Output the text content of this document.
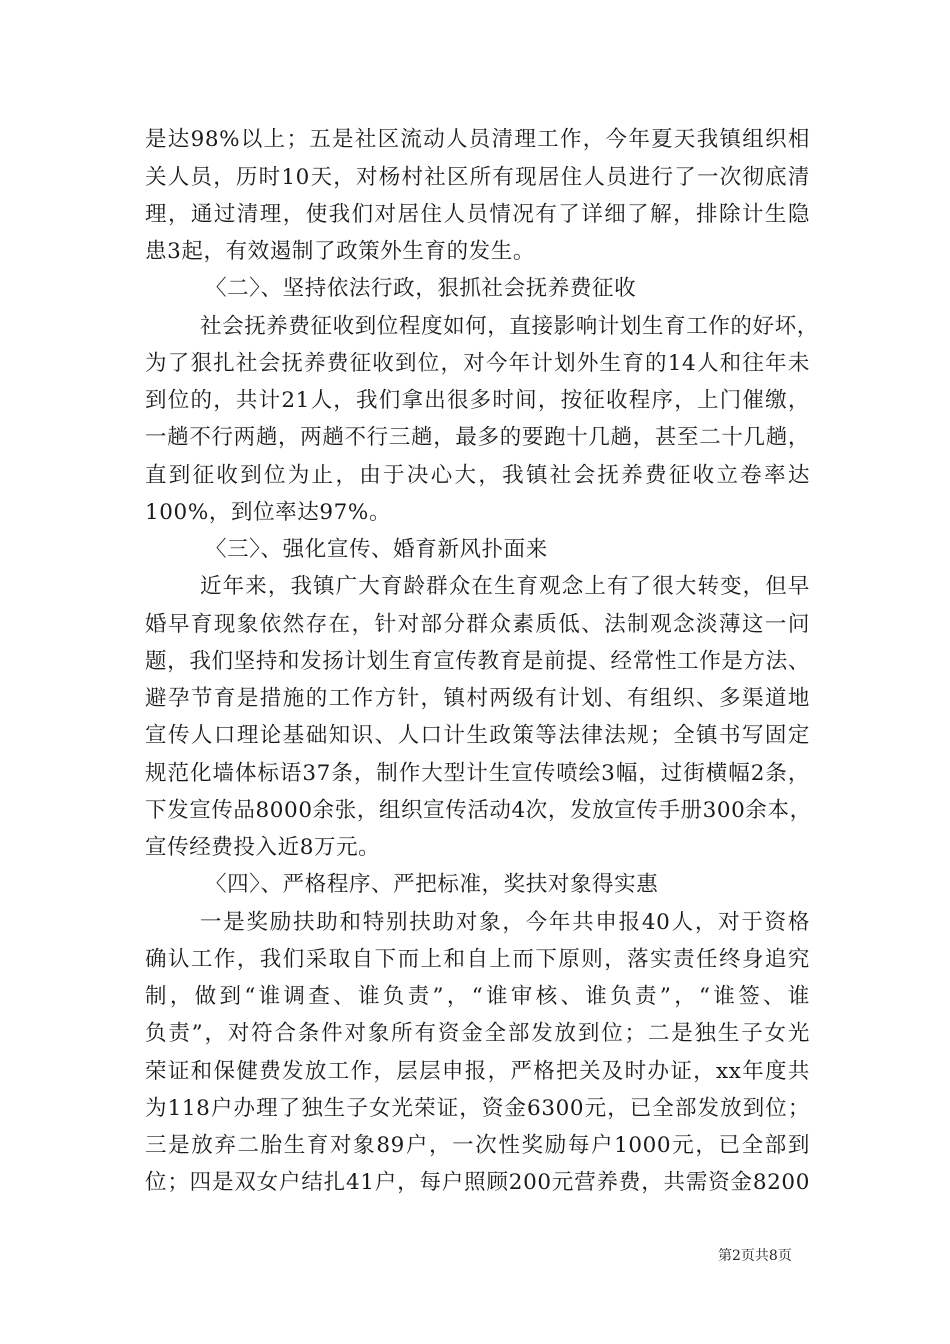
是达98%以上；五是社区流动人员清理工作，今年夏天我镇组织相
关人员，历时10天，对杨村社区所有现居住人员进行了一次彻底清
理，通过清理，使我们对居住人员情况有了详细了解，排除计生隐
患3起，有效遏制了政策外生育的发生。
〈二〉、坚持依法行政，狠抓社会抚养费征收
社会抚养费征收到位程度如何，直接影响计划生育工作的好坏，
为了狠扎社会抚养费征收到位，对今年计划外生育的14人和往年未
到位的，共计21人，我们拿出很多时间，按征收程序，上门催缴，
一趟不行两趟，两趟不行三趟，最多的要跑十几趟，甚至二十几趟，
直到征收到位为止，由于决心大，我镇社会抚养费征收立卷率达
100%，到位率达97%。
〈三〉、强化宣传、婚育新风扑面来
近年来，我镇广大育龄群众在生育观念上有了很大转变，但早
婚早育现象依然存在，针对部分群众素质低、法制观念淡薄这一问
题，我们坚持和发扬计划生育宣传教育是前提、经常性工作是方法、
避孕节育是措施的工作方针，镇村两级有计划、有组织、多渠道地
宣传人口理论基础知识、人口计生政策等法律法规；全镇书写固定
规范化墙体标语37条，制作大型计生宣传喷绘3幅，过街横幅2条，
下发宣传品8000余张，组织宣传活动4次，发放宣传手册300余本，
宣传经费投入近8万元。
〈四〉、严格程序、严把标准，奖扶对象得实惠
一是奖励扶助和特别扶助对象，今年共申报40人，对于资格
确认工作，我们采取自下而上和自上而下原则，落实责任终身追究
制，做到“谁调查、谁负责”，“谁审核、谁负责”，“谁签、谁
负责”，对符合条件对象所有资金全部发放到位；二是独生子女光
荣证和保健费发放工作，层层申报，严格把关及时办证，xx年度共
为118户办理了独生子女光荣证，资金6300元，已全部发放到位；
三是放弃二胎生育对象89户，一次性奖励每户1000元，已全部到
位；四是双女户结扎41户，每户照顾200元营养费，共需资金8200
第2页共8页
